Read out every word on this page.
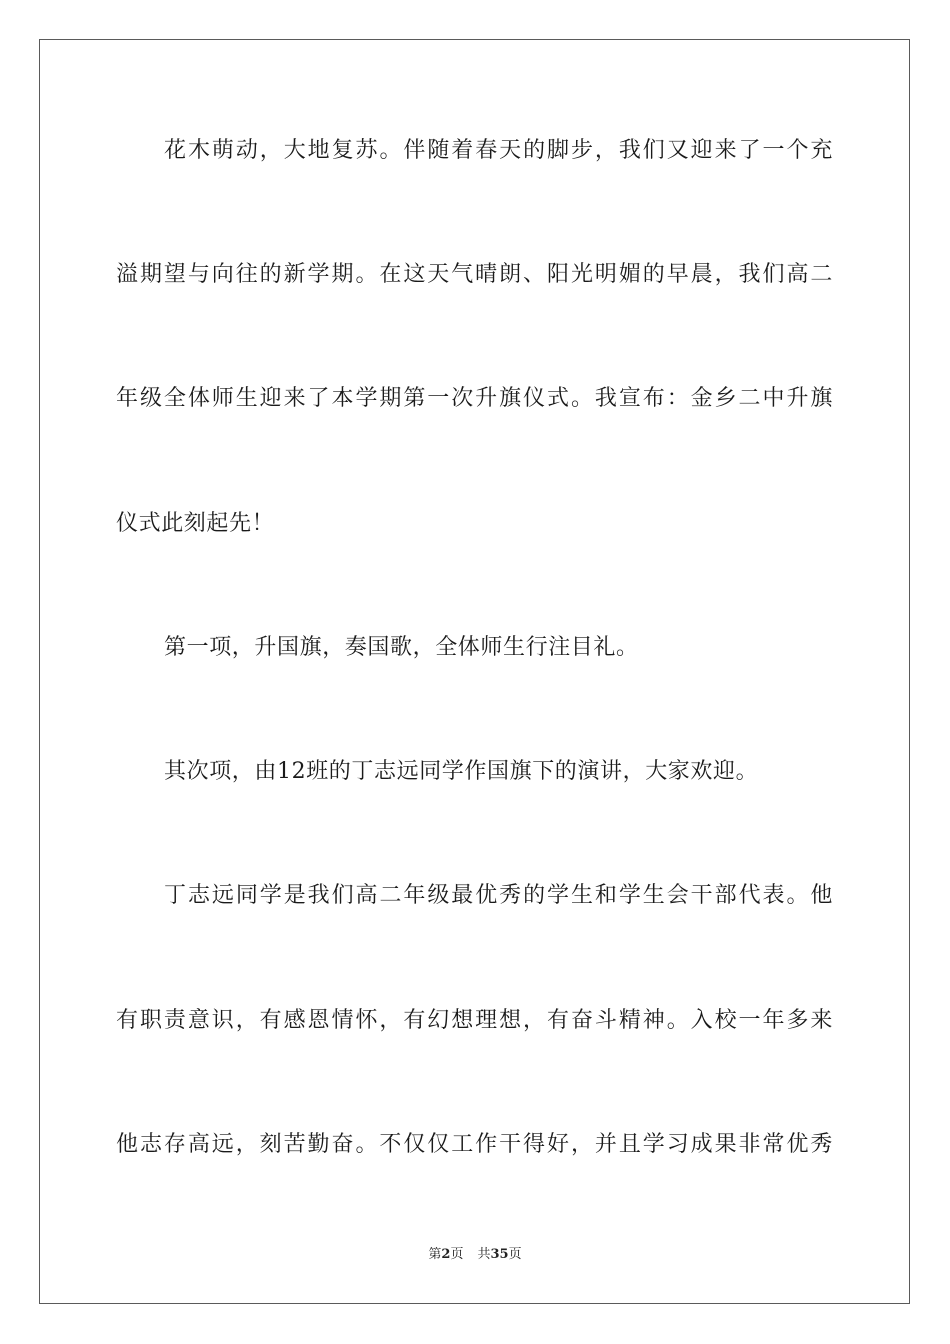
花木萌动，大地复苏。伴随着春天的脚步，我们又迎来了一个充
溢期望与向往的新学期。在这天气晴朗、阳光明媚的早晨，我们高二
年级全体师生迎来了本学期第一次升旗仪式。我宣布：金乡二中升旗
仪式此刻起先！
第一项，升国旗，奏国歌，全体师生行注目礼。
其次项，由12班的丁志远同学作国旗下的演讲，大家欢迎。
丁志远同学是我们高二年级最优秀的学生和学生会干部代表。他
有职责意识，有感恩情怀，有幻想理想，有奋斗精神。入校一年多来
他志存高远，刻苦勤奋。不仅仅工作干得好，并且学习成果非常优秀
第2页 共35页
